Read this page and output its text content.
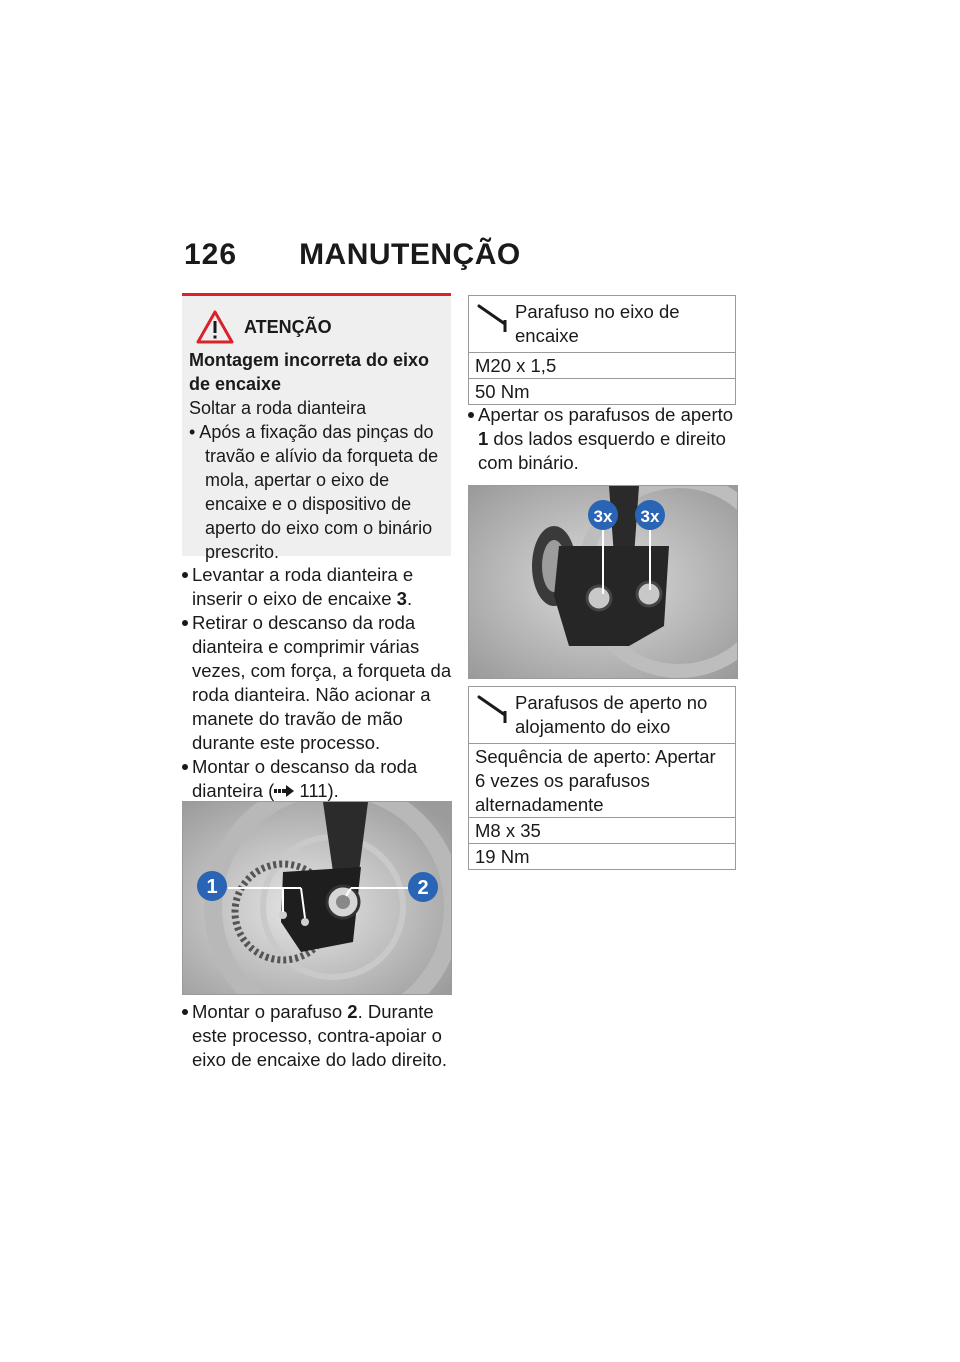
126 MANUTENÇÃO
ATENÇÃO
Montagem incorreta do eixo de encaixe
Soltar a roda dianteira
• Após a fixação das pinças do travão e alívio da forqueta de mola, apertar o eixo de encaixe e o dispositivo de aperto do eixo com o binário prescrito.
Levantar a roda dianteira e inserir o eixo de encaixe 3.
Retirar o descanso da roda dianteira e comprimir várias vezes, com força, a forqueta da roda dianteira. Não acionar a manete do travão de mão durante este processo.
Montar o descanso da roda dianteira ( 111).
1	2
Montar o parafuso 2. Durante este processo, contra-apoiar o eixo de encaixe do lado direito.
Parafuso no eixo de encaixe
M20 x 1,5
50 Nm
Apertar os parafusos de aperto 1 dos lados esquerdo e direito com binário.
3x 3x
Parafusos de aperto no alojamento do eixo
Sequência de aperto: Apertar 6 vezes os parafusos alternadamente
M8 x 35
19 Nm
